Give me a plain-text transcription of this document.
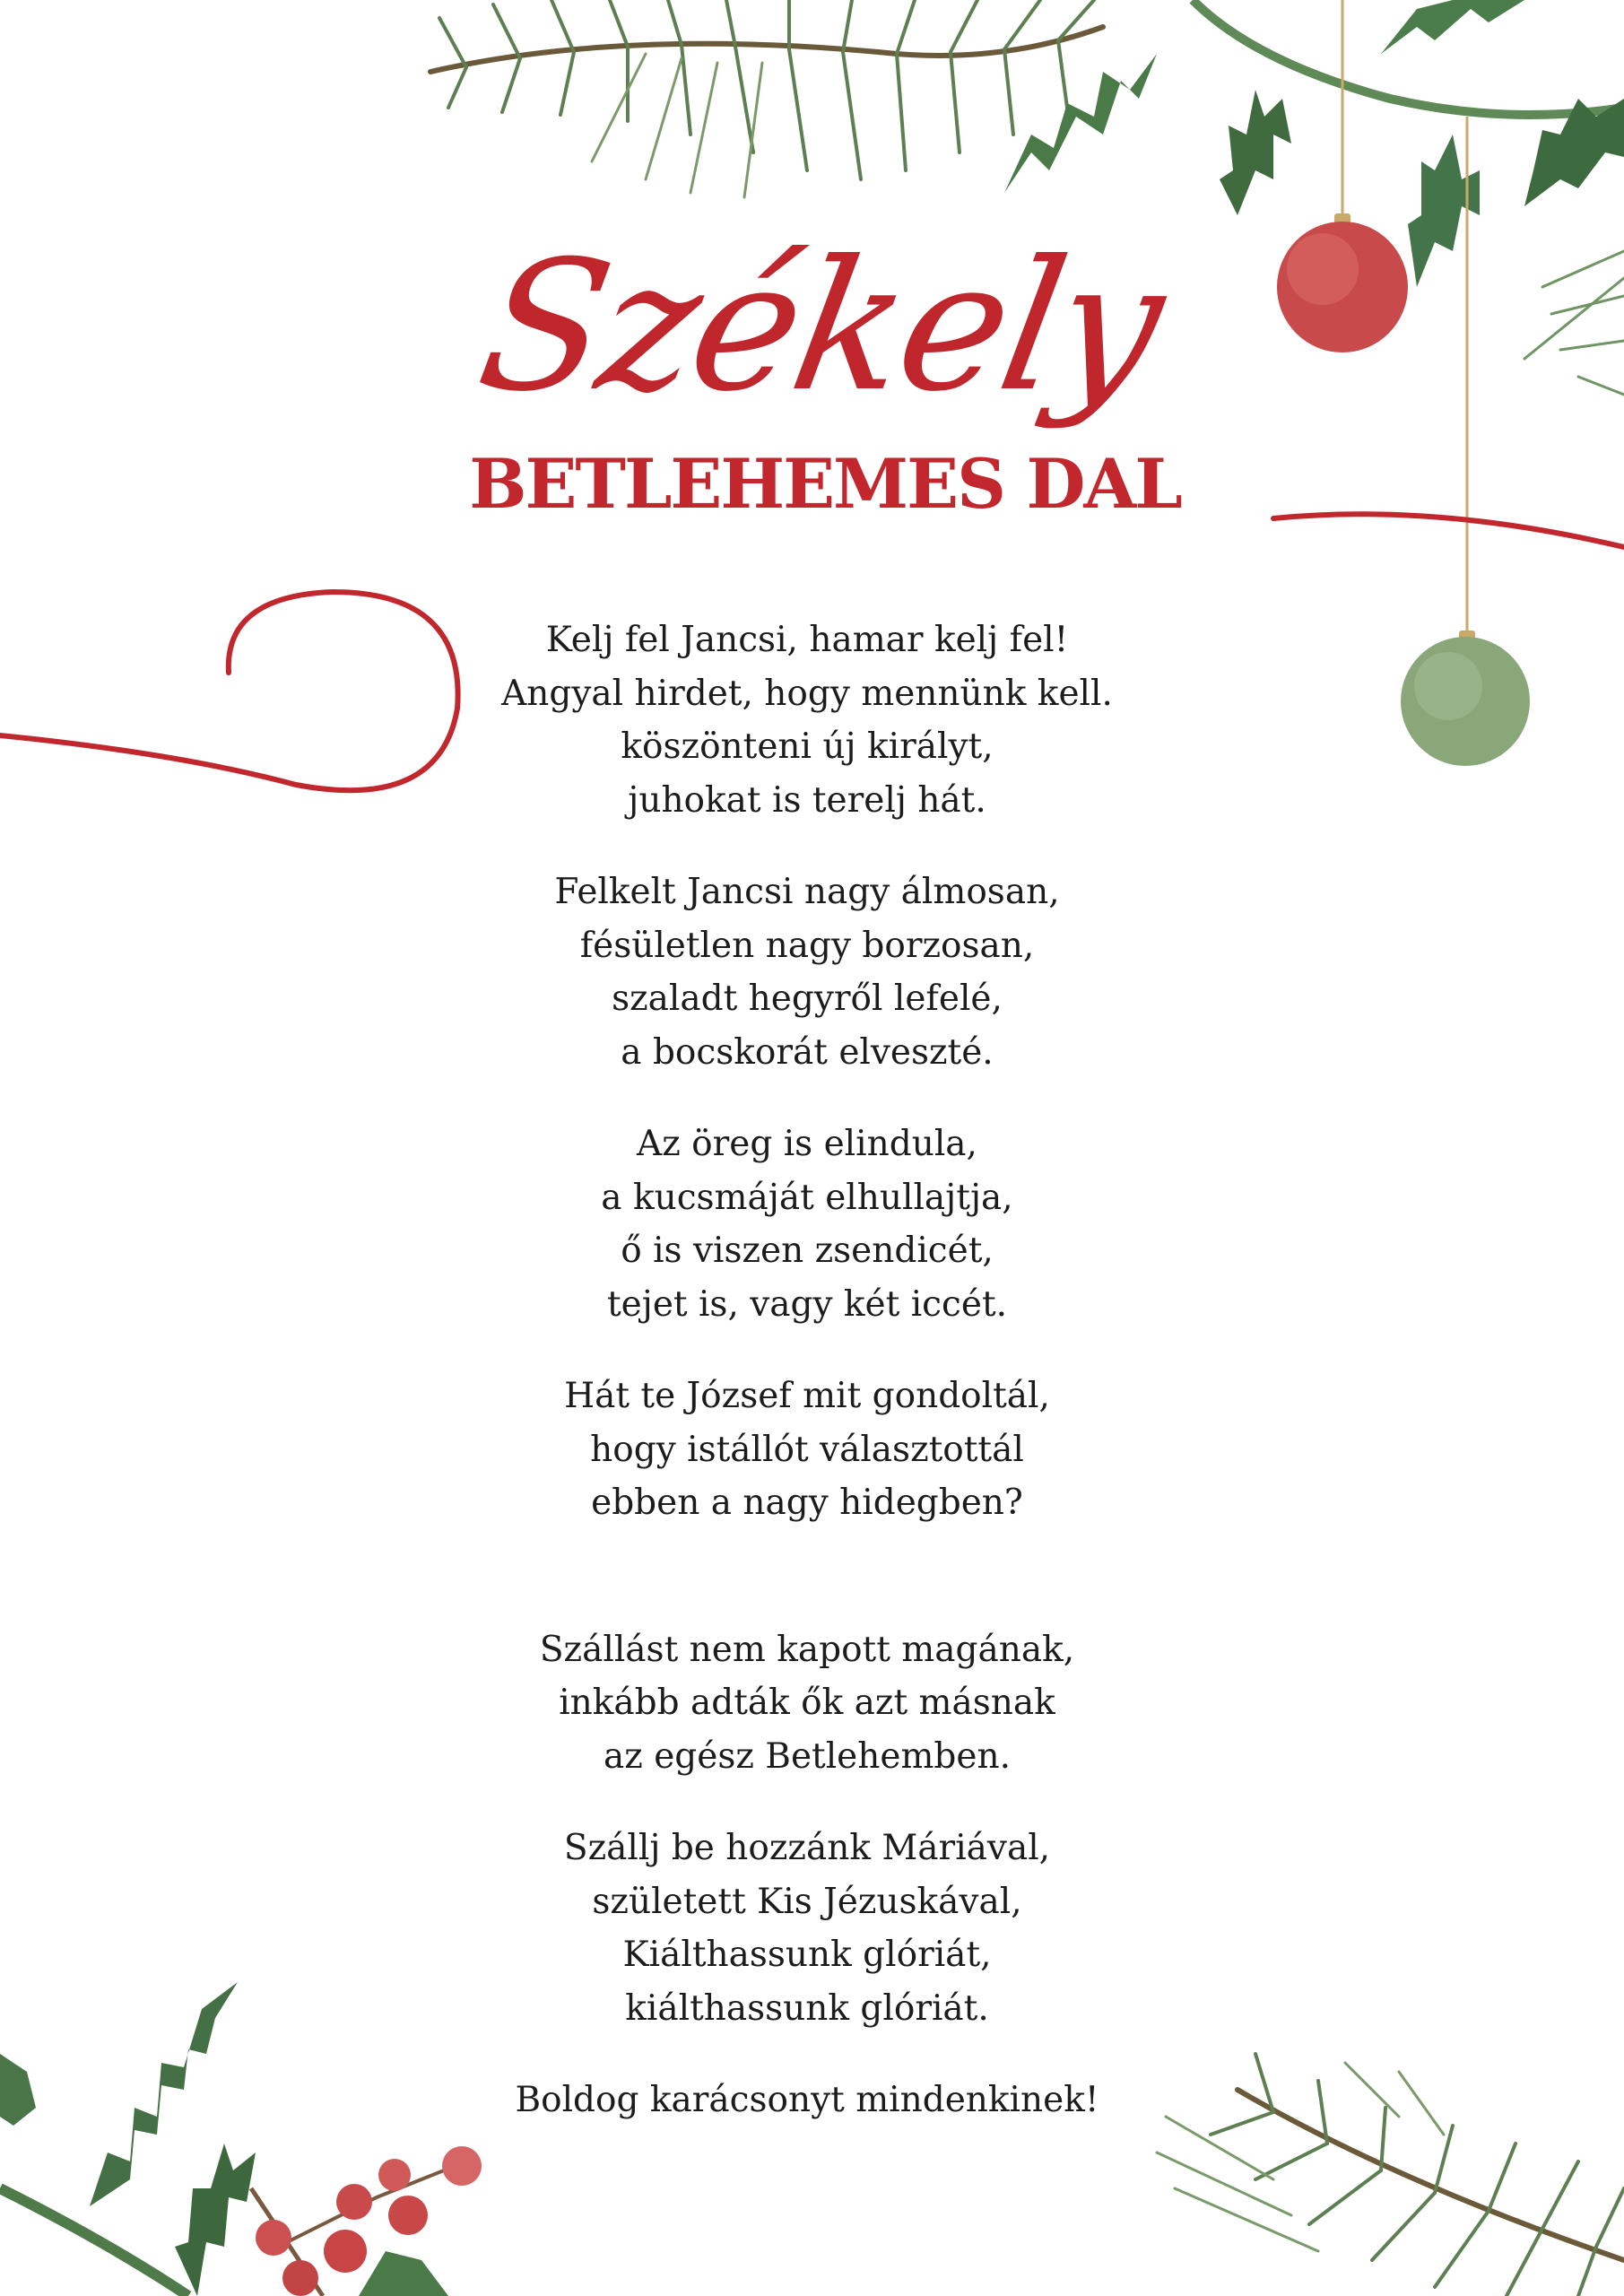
Székely
BETLEHEMES DAL
Kelj fel Jancsi, hamar kelj fel!
Angyal hirdet, hogy mennünk kell.
köszönteni új királyt,
juhokat is terelj hát.
Felkelt Jancsi nagy álmosan,
fésületlen nagy borzosan,
szaladt hegyről lefelé,
a bocskorát elveszté.
Az öreg is elindula,
a kucsmáját elhullajtja,
ő is viszen zsendicét,
tejet is, vagy két iccét.
Hát te József mit gondoltál,
hogy istállót választottál
ebben a nagy hidegben?
Szállást nem kapott magának,
inkább adták ők azt másnak
az egész Betlehemben.
Szállj be hozzánk Máriával,
született Kis Jézuskával,
Kiálthassunk glóriát,
kiálthassunk glóriát.
Boldog karácsonyt mindenkinek!
